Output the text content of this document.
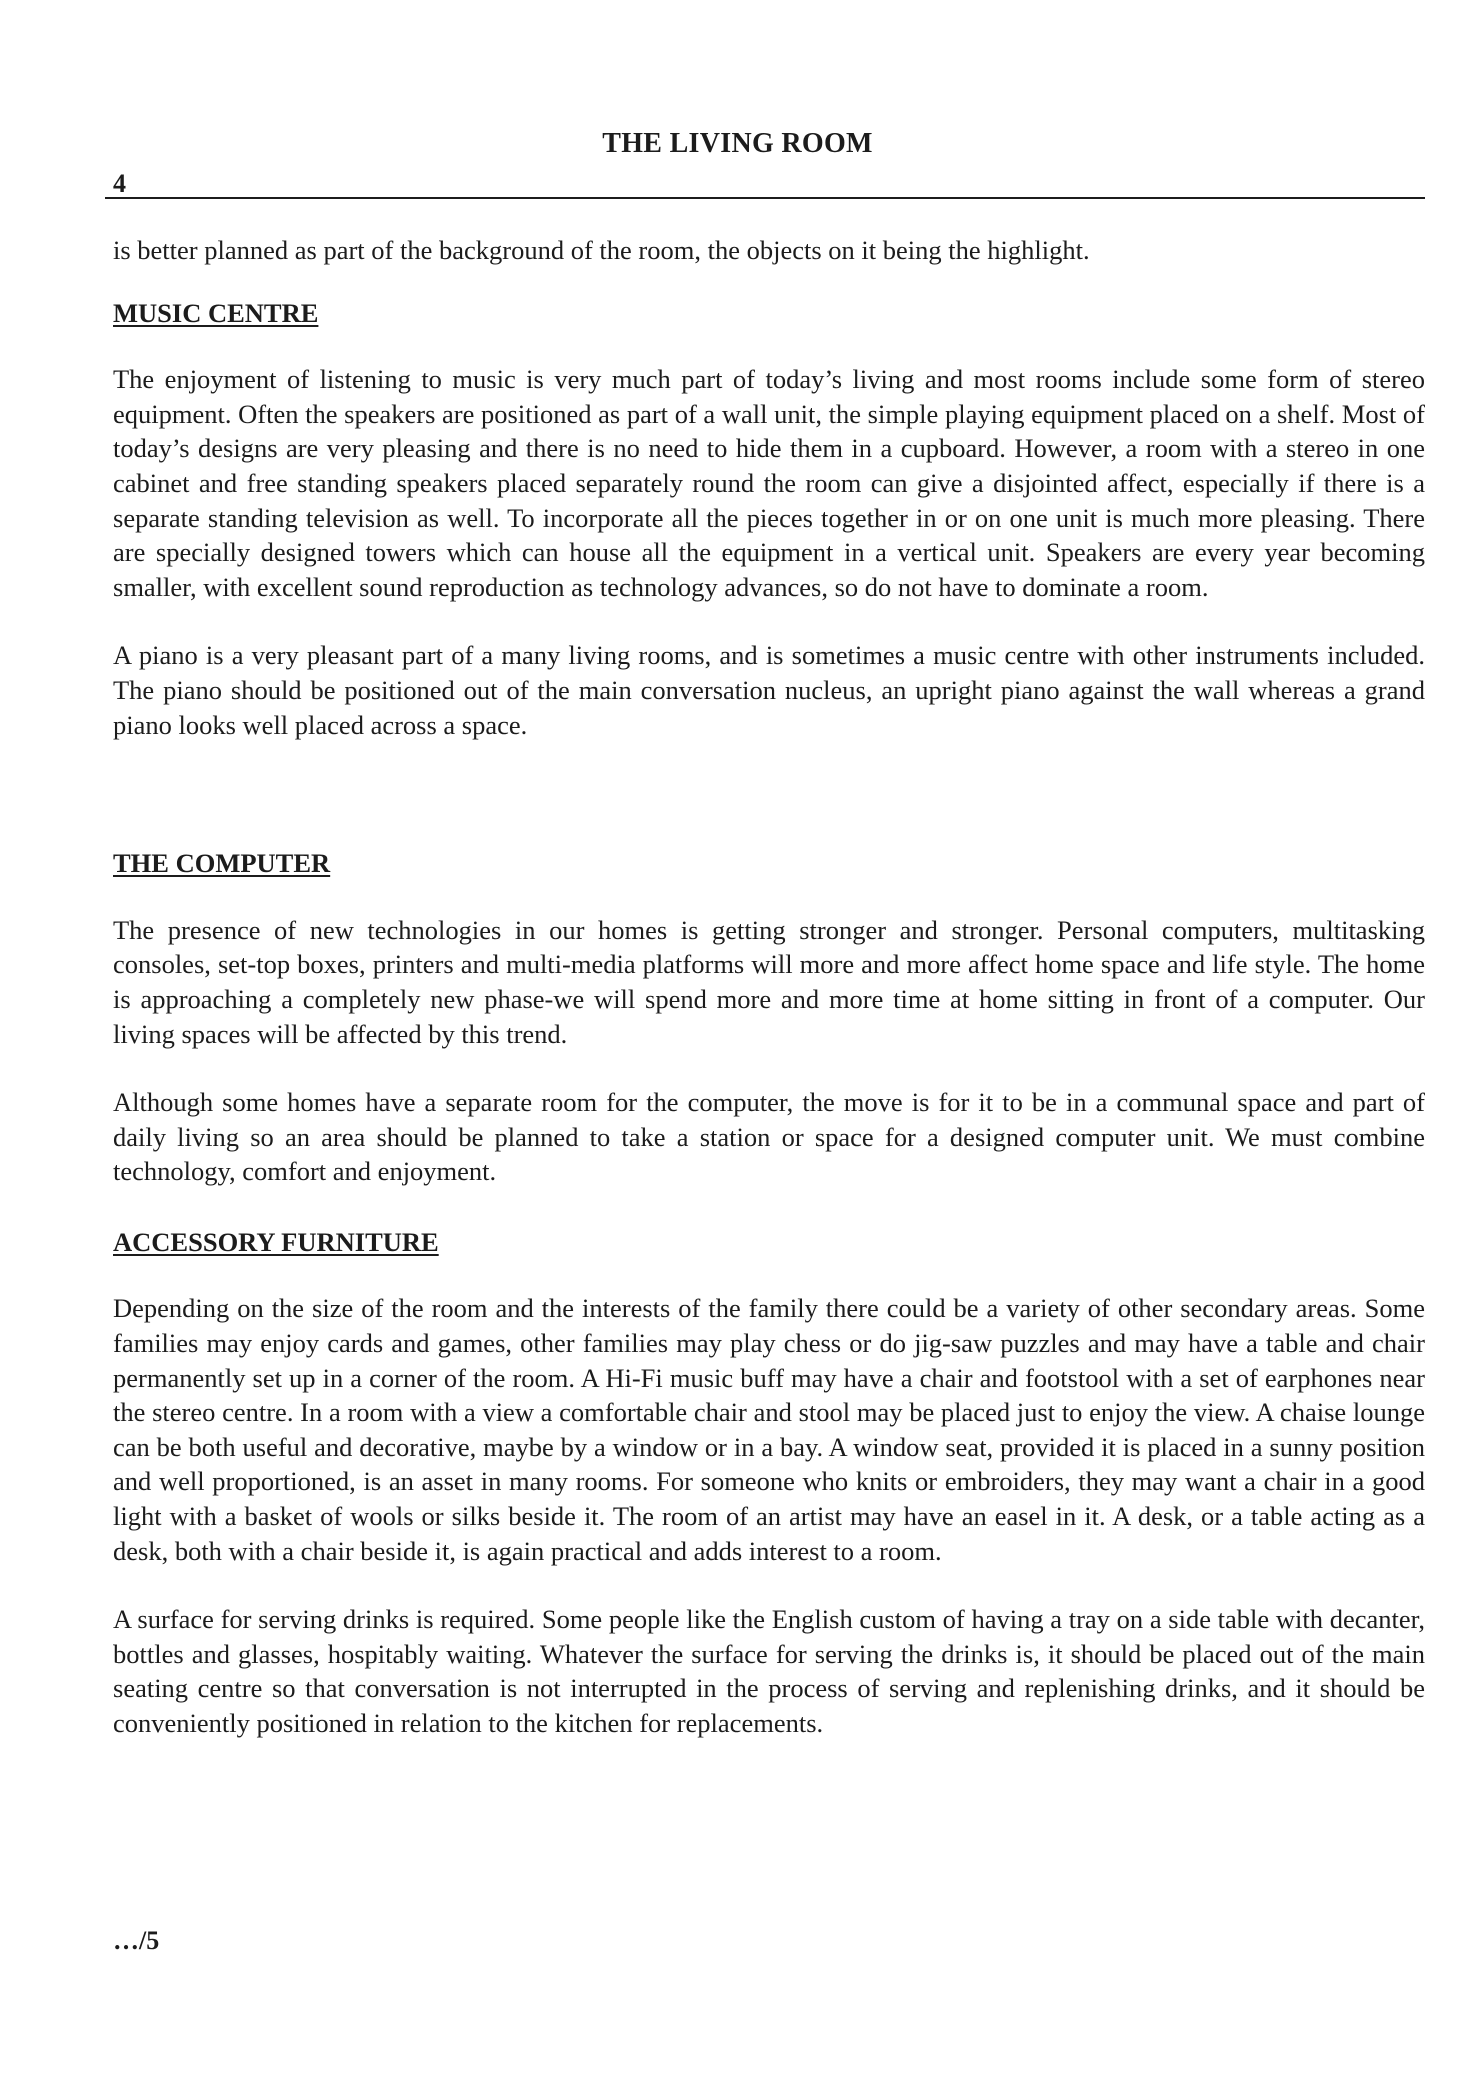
THE LIVING ROOM
4

is better planned as part of the background of the room, the objects on it being the highlight.

MUSIC CENTRE

The enjoyment of listening to music is very much part of today’s living and most rooms include some form of stereo equipment. Often the speakers are positioned as part of a wall unit, the simple playing equipment placed on a shelf. Most of today’s designs are very pleasing and there is no need to hide them in a cupboard. However, a room with a stereo in one cabinet and free standing speakers placed separately round the room can give a disjointed affect, especially if there is a separate standing television as well. To incorporate all the pieces together in or on one unit is much more pleasing. There are specially designed towers which can house all the equipment in a vertical unit. Speakers are every year becoming smaller, with excellent sound reproduction as technology advances, so do not have to dominate a room.

A piano is a very pleasant part of a many living rooms, and is sometimes a music centre with other instruments included. The piano should be positioned out of the main conversation nucleus, an upright piano against the wall whereas a grand piano looks well placed across a space.

THE COMPUTER

The presence of new technologies in our homes is getting stronger and stronger. Personal computers, multitasking consoles, set-top boxes, printers and multi-media platforms will more and more affect home space and life style. The home is approaching a completely new phase-we will spend more and more time at home sitting in front of a computer. Our living spaces will be affected by this trend.

Although some homes have a separate room for the computer, the move is for it to be in a communal space and part of daily living so an area should be planned to take a station or space for a designed computer unit. We must combine technology, comfort and enjoyment.

ACCESSORY FURNITURE

Depending on the size of the room and the interests of the family there could be a variety of other secondary areas. Some families may enjoy cards and games, other families may play chess or do jig-saw puzzles and may have a table and chair permanently set up in a corner of the room. A Hi-Fi music buff may have a chair and footstool with a set of earphones near the stereo centre. In a room with a view a comfortable chair and stool may be placed just to enjoy the view. A chaise lounge can be both useful and decorative, maybe by a window or in a bay. A window seat, provided it is placed in a sunny position and well proportioned, is an asset in many rooms. For someone who knits or embroiders, they may want a chair in a good light with a basket of wools or silks beside it. The room of an artist may have an easel in it. A desk, or a table acting as a desk, both with a chair beside it, is again practical and adds interest to a room.

A surface for serving drinks is required. Some people like the English custom of having a tray on a side table with decanter, bottles and glasses, hospitably waiting. Whatever the surface for serving the drinks is, it should be placed out of the main seating centre so that conversation is not interrupted in the process of serving and replenishing drinks, and it should be conveniently positioned in relation to the kitchen for replacements.

…/5
